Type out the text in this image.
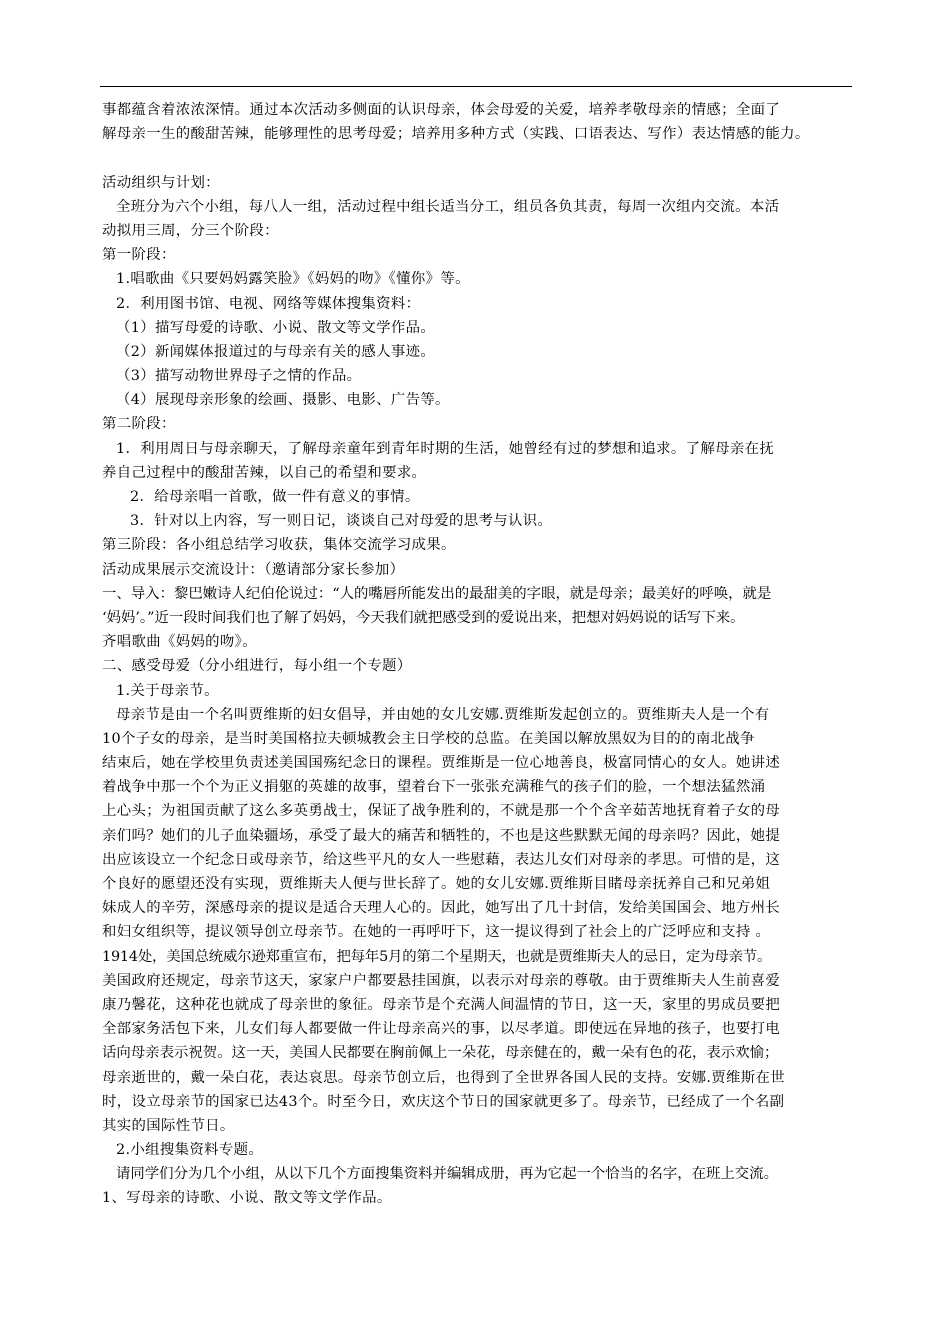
事都蕴含着浓浓深情。通过本次活动多侧面的认识母亲，体会母爱的关爱，培养孝敬母亲的情感；全面了
解母亲一生的酸甜苦辣，能够理性的思考母爱；培养用多种方式（实践、口语表达、写作）表达情感的能力。
活动组织与计划：
全班分为六个小组，每八人一组，活动过程中组长适当分工，组员各负其责，每周一次组内交流。本活
动拟用三周，分三个阶段：
第一阶段：
1.唱歌曲《只要妈妈露笑脸》《妈妈的吻》《懂你》等。
2．利用图书馆、电视、网络等媒体搜集资料：
（1）描写母爱的诗歌、小说、散文等文学作品。
（2）新闻媒体报道过的与母亲有关的感人事迹。
（3）描写动物世界母子之情的作品。
（4）展现母亲形象的绘画、摄影、电影、广告等。
第二阶段：
1．利用周日与母亲聊天，了解母亲童年到青年时期的生活，她曾经有过的梦想和追求。了解母亲在抚
养自己过程中的酸甜苦辣，以自己的希望和要求。
2．给母亲唱一首歌，做一件有意义的事情。
3．针对以上内容，写一则日记，谈谈自己对母爱的思考与认识。
第三阶段：各小组总结学习收获，集体交流学习成果。
活动成果展示交流设计：（邀请部分家长参加）
一、导入：黎巴嫩诗人纪伯伦说过：“人的嘴唇所能发出的最甜美的字眼，就是母亲；最美好的呼唤，就是
‘妈妈’。”近一段时间我们也了解了妈妈，今天我们就把感受到的爱说出来，把想对妈妈说的话写下来。
齐唱歌曲《妈妈的吻》。
二、感受母爱（分小组进行，每小组一个专题）
1.关于母亲节。
母亲节是由一个名叫贾维斯的妇女倡导，并由她的女儿安娜.贾维斯发起创立的。贾维斯夫人是一个有
10个子女的母亲，是当时美国格拉夫顿城教会主日学校的总监。在美国以解放黑奴为目的的南北战争
结束后，她在学校里负责述美国国殇纪念日的课程。贾维斯是一位心地善良，极富同情心的女人。她讲述
着战争中那一个个为正义捐躯的英雄的故事，望着台下一张张充满稚气的孩子们的脸，一个想法猛然涌
上心头；为祖国贡献了这么多英勇战士，保证了战争胜利的，不就是那一个个含辛茹苦地抚育着子女的母
亲们吗？她们的儿子血染疆场，承受了最大的痛苦和牺牲的，不也是这些默默无闻的母亲吗？因此，她提
出应该设立一个纪念日或母亲节，给这些平凡的女人一些慰藉，表达儿女们对母亲的孝思。可惜的是，这
个良好的愿望还没有实现，贾维斯夫人便与世长辞了。她的女儿安娜.贾维斯目睹母亲抚养自己和兄弟姐
妹成人的辛劳，深感母亲的提议是适合天理人心的。因此，她写出了几十封信，发给美国国会、地方州长
和妇女组织等，提议领导创立母亲节。在她的一再呼吁下，这一提议得到了社会上的广泛呼应和支持 。
1914处，美国总统威尔逊郑重宣布，把每年5月的第二个星期天，也就是贾维斯夫人的忌日，定为母亲节。
美国政府还规定，母亲节这天，家家户户都要悬挂国旗，以表示对母亲的尊敬。由于贾维斯夫人生前喜爱
康乃馨花，这种花也就成了母亲世的象征。母亲节是个充满人间温情的节日，这一天，家里的男成员要把
全部家务活包下来，儿女们每人都要做一件让母亲高兴的事，以尽孝道。即使远在异地的孩子，也要打电
话向母亲表示祝贺。这一天，美国人民都要在胸前佩上一朵花，母亲健在的，戴一朵有色的花，表示欢愉；
母亲逝世的，戴一朵白花，表达哀思。母亲节创立后，也得到了全世界各国人民的支持。安娜.贾维斯在世
时，设立母亲节的国家已达43个。时至今日，欢庆这个节日的国家就更多了。母亲节，已经成了一个名副
其实的国际性节日。
2.小组搜集资料专题。
请同学们分为几个小组，从以下几个方面搜集资料并编辑成册，再为它起一个恰当的名字，在班上交流。
1、写母亲的诗歌、小说、散文等文学作品。
